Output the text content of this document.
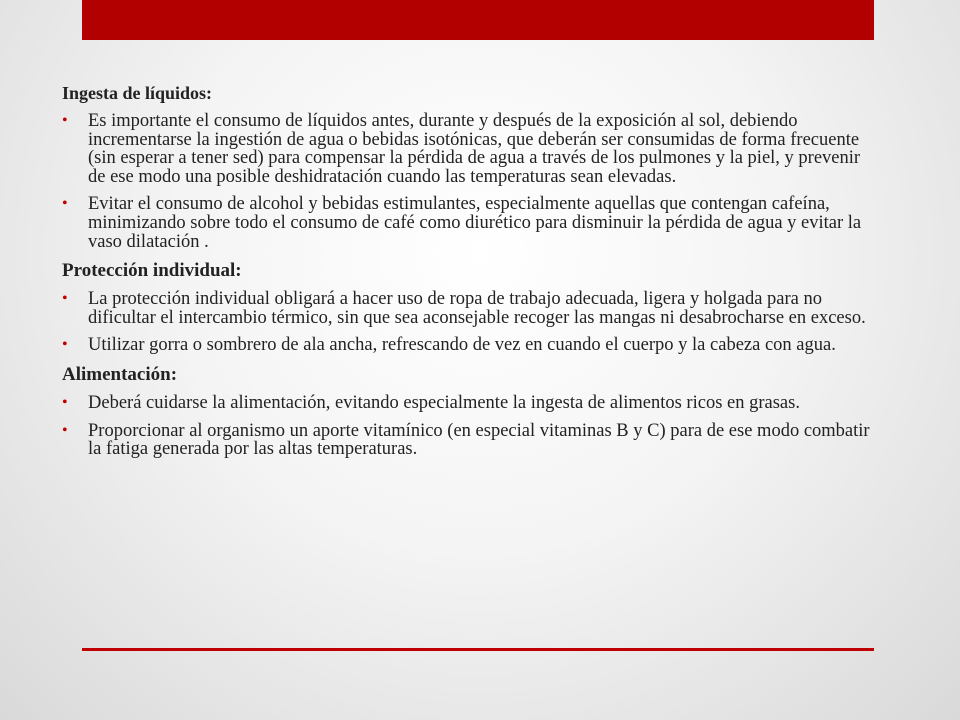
Ingesta de líquidos:
• Es importante el consumo de líquidos antes, durante y después de la exposición al sol, debiendo incrementarse la ingestión de agua o bebidas isotónicas, que deberán ser consumidas de forma frecuente (sin esperar a tener sed) para compensar la pérdida de agua a través de los pulmones y la piel, y prevenir de ese modo una posible deshidratación cuando las temperaturas sean elevadas.
• Evitar el consumo de alcohol y bebidas estimulantes, especialmente aquellas que contengan cafeína, minimizando sobre todo el consumo de café como diurético para disminuir la pérdida de agua y evitar la vaso dilatación .
Protección individual:
• La protección individual obligará a hacer uso de ropa de trabajo adecuada, ligera y holgada para no dificultar el intercambio térmico, sin que sea aconsejable recoger las mangas ni desabrocharse en exceso.
• Utilizar gorra o sombrero de ala ancha, refrescando de vez en cuando el cuerpo y la cabeza con agua.
Alimentación:
• Deberá cuidarse la alimentación, evitando especialmente la ingesta de alimentos ricos en grasas.
• Proporcionar al organismo un aporte vitamínico (en especial vitaminas B y C) para de ese modo combatir la fatiga generada por las altas temperaturas.
